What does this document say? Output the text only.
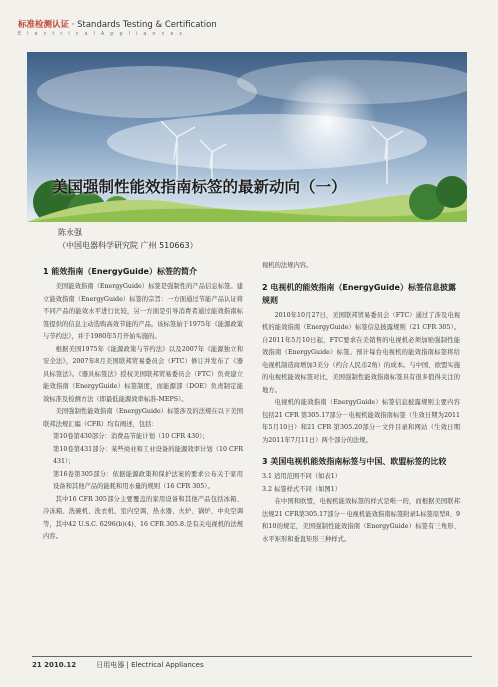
标准检测认证 · Standards Testing & Certification
E l e c t r i c a l A p p l i a n c e s
美国强制性能效指南标签的最新动向（一）
陈永强
（中国电器科学研究院 广州 510663）
1 能效指南（EnergyGuide）标签的简介

美国能效指南（EnergyGuide）标签是强制性的产品信息标签。建立能效指南（EnergyGuide）标签的宗旨：一方面通过节能产品认证将不同产品的能效水平进行比较，另一方面是引导消费者通过能效指南标签提供的信息主动选购高效节能的产品。该标签始于1975年《能源政策与节约法》，并于1980年5月开始实施的。

根据美国1975年《能源政策与节约法》以及2007年《能源独立和安全法》，2007年8月美国联邦贸易委员会（FTC）修订并发布了《器具标签法》。《器具标签法》授权美国联邦贸易委员会（FTC）负责建立能效指南（EnergyGuide）标签制度，而能源部（DOE）负责制定能效标准及检测方法（即最低能源效率标准-MEPS）。

美国强制性能效指南（EnergyGuide）标签涉及的法规在以下美国联邦法规汇编（CFR）均有阐述，包括：

第10卷第430部分：消费品节能计划（10 CFR 430）；

第10卷第431部分：某些商业和工业设备的能源效率计划（10 CFR 431）；

第16卷第305部分：依据能源政策和保护法案的要求公布关于家用设备和其他产品的能耗和用水量的规则（16 CFR 305）。

其中16 CFR 305部分主要覆盖的家用设备和其他产品包括冰箱、冷冻箱、洗碗机、洗衣机、室内空调、热水器、火炉、锅炉、中央空调等，其中42 U.S.C. 6296(b)(4)、16 CFR 305.8.是有关电视机的法规内容。

视机的法规内容。

2 电视机的能效指南（EnergyGuide）标签信息披露规则

2010年10月27日，美国联邦贸易委员会（FTC）通过了涉及电视机的能效指南（EnergyGuide）标签信息披露规则（21 CFR 305）。自2011年5月10日起，FTC要求在美销售的电视机必须加贴强制性能效指南（EnergyGuide）标签。预计每台电视机的能效指南标签将给电视机制造商增加3美分（约合人民币2角）的成本。与中国、欧盟实施的电视机能效标签对比，美国强制性能效指南标签具有很多值得关注的地方。

电视机的能效指南（EnergyGuide）标签信息披露规则主要内容包括21 CFR 第305.17部分－电视机能效指南标签（生效日期为2011年5月10日）和21 CFR 第305.20部分－文件目录和网站（生效日期为2011年7月11日）两个部分的法规。

3 美国电视机能效指南标签与中国、欧盟标签的比较

3.1 适用范围不同（如表1）

3.2 标签样式不同（如图1）

在中国和欧盟，电视机能效标签的样式是唯一的，而根据美国联邦法规21 CFR第305.17部分－电视机能效指南标签附录L标签原型8、9和10的规定，美国强制性能效指南（EnergyGuide）标签有三角形、水平矩形和垂直矩形三种样式。

21 2010.12	日用电器 | Electrical Appliances
